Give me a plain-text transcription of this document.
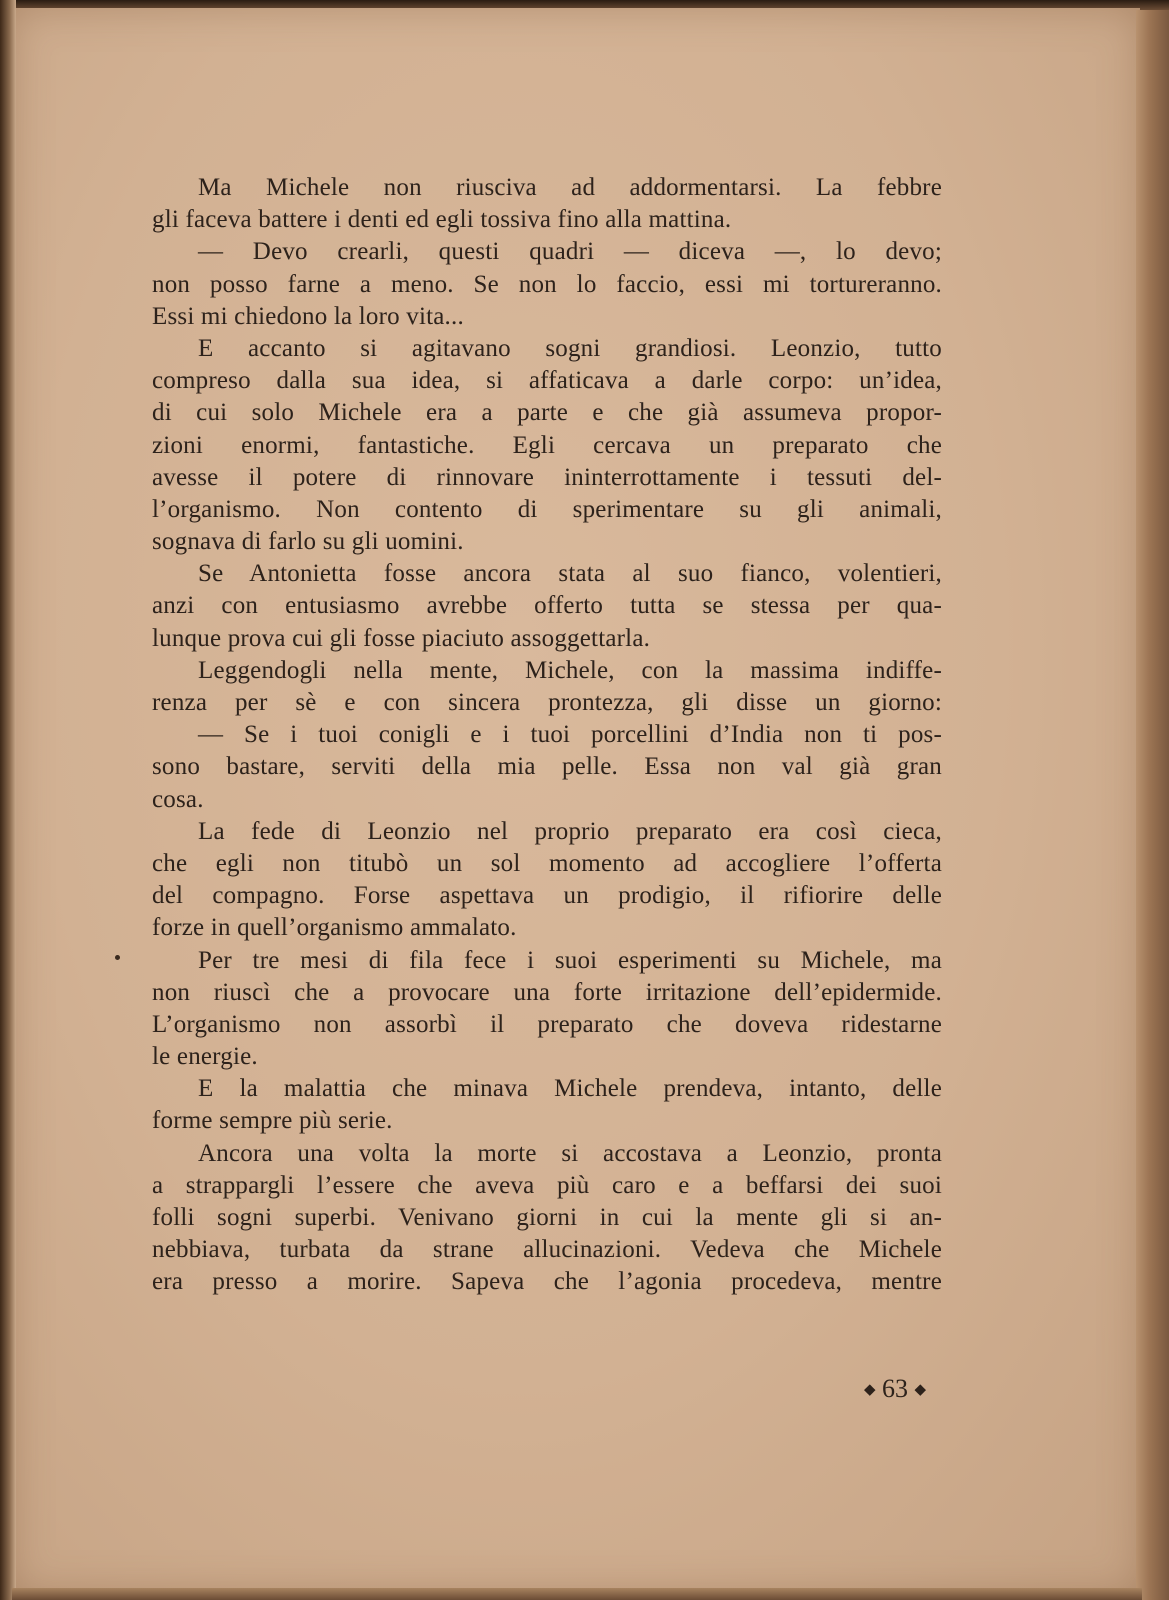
Ma Michele non riusciva ad addormentarsi. La febbre
gli faceva battere i denti ed egli tossiva fino alla mattina.
— Devo crearli, questi quadri — diceva —, lo devo;
non posso farne a meno. Se non lo faccio, essi mi tortureranno.
Essi mi chiedono la loro vita...
E accanto si agitavano sogni grandiosi. Leonzio, tutto
compreso dalla sua idea, si affaticava a darle corpo: un’idea,
di cui solo Michele era a parte e che già assumeva propor-
zioni enormi, fantastiche. Egli cercava un preparato che
avesse il potere di rinnovare ininterrottamente i tessuti del-
l’organismo. Non contento di sperimentare su gli animali,
sognava di farlo su gli uomini.
Se Antonietta fosse ancora stata al suo fianco, volentieri,
anzi con entusiasmo avrebbe offerto tutta se stessa per qua-
lunque prova cui gli fosse piaciuto assoggettarla.
Leggendogli nella mente, Michele, con la massima indiffe-
renza per sè e con sincera prontezza, gli disse un giorno:
— Se i tuoi conigli e i tuoi porcellini d’India non ti pos-
sono bastare, serviti della mia pelle. Essa non val già gran
cosa.
La fede di Leonzio nel proprio preparato era così cieca,
che egli non titubò un sol momento ad accogliere l’offerta
del compagno. Forse aspettava un prodigio, il rifiorire delle
forze in quell’organismo ammalato.
Per tre mesi di fila fece i suoi esperimenti su Michele, ma
non riuscì che a provocare una forte irritazione dell’epidermide.
L’organismo non assorbì il preparato che doveva ridestarne
le energie.
E la malattia che minava Michele prendeva, intanto, delle
forme sempre più serie.
Ancora una volta la morte si accostava a Leonzio, pronta
a strappargli l’essere che aveva più caro e a beffarsi dei suoi
folli sogni superbi. Venivano giorni in cui la mente gli si an-
nebbiava, turbata da strane allucinazioni. Vedeva che Michele
era presso a morire. Sapeva che l’agonia procedeva, mentre
◆ 63 ◆
